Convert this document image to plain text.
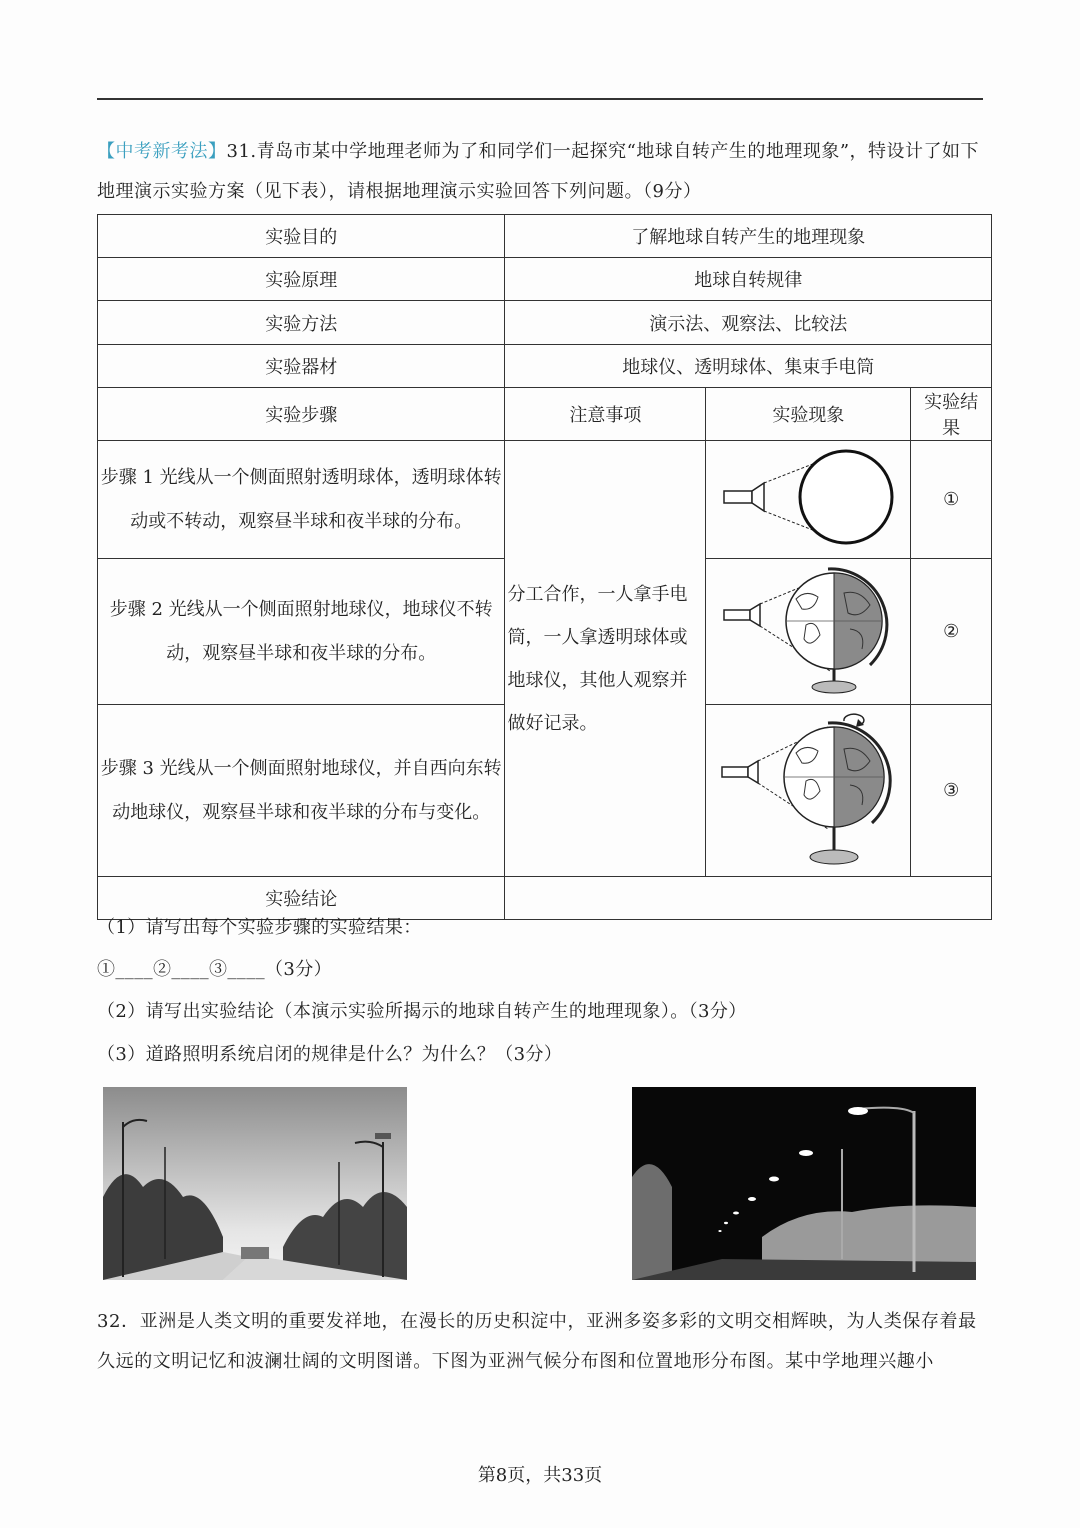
【中考新考法】31.青岛市某中学地理老师为了和同学们一起探究“地球自转产生的地理现象”，特设计了如下地理演示实验方案（见下表），请根据地理演示实验回答下列问题。（9分）
实验目的	了解地球自转产生的地理现象		
实验原理	地球自转规律		
实验方法	演示法、观察法、比较法		
实验器材	地球仪、透明球体、集束手电筒		
实验步骤	注意事项	实验现象	实验结果
步骤 1 光线从一个侧面照射透明球体，透明球体转动或不转动，观察昼半球和夜半球的分布。	分工合作，一人拿手电筒，一人拿透明球体或地球仪，其他人观察并做好记录。		①
步骤 2 光线从一个侧面照射地球仪，地球仪不转动，观察昼半球和夜半球的分布。			②
步骤 3 光线从一个侧面照射地球仪，并自西向东转动地球仪，观察昼半球和夜半球的分布与变化。			③
实验结论			
（1）请写出每个实验步骤的实验结果：
①____②____③____（3分）
（2）请写出实验结论（本演示实验所揭示的地球自转产生的地理现象）。（3分）
（3）道路照明系统启闭的规律是什么？为什么？（3分）
32．亚洲是人类文明的重要发祥地，在漫长的历史积淀中，亚洲多姿多彩的文明交相辉映，为人类保存着最久远的文明记忆和波澜壮阔的文明图谱。下图为亚洲气候分布图和位置地形分布图。某中学地理兴趣小
第8页，共33页
